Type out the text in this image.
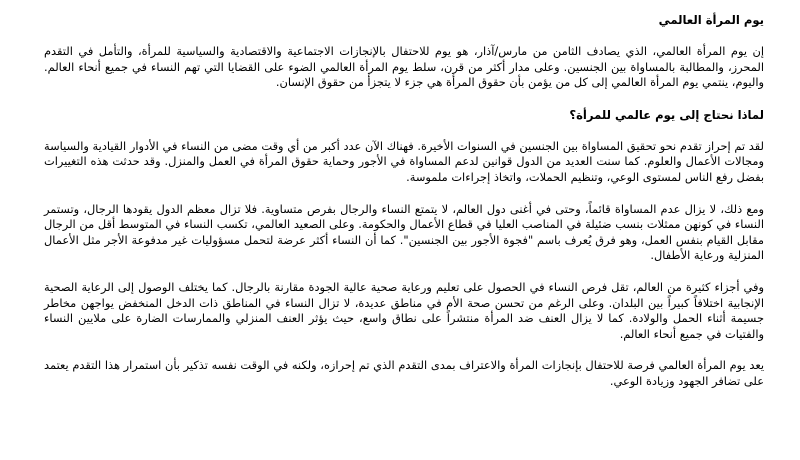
يوم المرأة العالمي

إن يوم المرأة العالمي، الذي يصادف الثامن من مارس/آذار، هو يوم للاحتفال بالإنجازات الاجتماعية والاقتصادية والسياسية للمرأة، والتأمل في التقدم المحرز، والمطالبة بالمساواة بين الجنسين. وعلى مدار أكثر من قرن، سلط يوم المرأة العالمي الضوء على القضايا التي تهم النساء في جميع أنحاء العالم. واليوم، ينتمي يوم المرأة العالمي إلى كل من يؤمن بأن حقوق المرأة هي جزء لا يتجزأ من حقوق الإنسان.

لماذا نحتاج إلى يوم عالمي للمرأة؟

لقد تم إحراز تقدم نحو تحقيق المساواة بين الجنسين في السنوات الأخيرة. فهناك الآن عدد أكبر من أي وقت مضى من النساء في الأدوار القيادية والسياسة ومجالات الأعمال والعلوم. كما سنت العديد من الدول قوانين لدعم المساواة في الأجور وحماية حقوق المرأة في العمل والمنزل. وقد حدثت هذه التغييرات بفضل رفع الناس لمستوى الوعي، وتنظيم الحملات، واتخاذ إجراءات ملموسة.

ومع ذلك، لا يزال عدم المساواة قائماً، وحتى في أغنى دول العالم، لا يتمتع النساء والرجال بفرص متساوية. فلا تزال معظم الدول يقودها الرجال، وتستمر النساء في كونهن ممثلات بنسب ضئيلة في المناصب العليا في قطاع الأعمال والحكومة. وعلى الصعيد العالمي، تكسب النساء في المتوسط أقل من الرجال مقابل القيام بنفس العمل، وهو فرق يُعرف باسم "فجوة الأجور بين الجنسين". كما أن النساء أكثر عرضة لتحمل مسؤوليات غير مدفوعة الأجر مثل الأعمال المنزلية ورعاية الأطفال.

وفي أجزاء كثيرة من العالم، تقل فرص النساء في الحصول على تعليم ورعاية صحية عالية الجودة مقارنة بالرجال. كما يختلف الوصول إلى الرعاية الصحية الإنجابية اختلافاً كبيراً بين البلدان. وعلى الرغم من تحسن صحة الأم في مناطق عديدة، لا تزال النساء في المناطق ذات الدخل المنخفض يواجهن مخاطر جسيمة أثناء الحمل والولادة. كما لا يزال العنف ضد المرأة منتشراً على نطاق واسع، حيث يؤثر العنف المنزلي والممارسات الضارة على ملايين النساء والفتيات في جميع أنحاء العالم.

يعد يوم المرأة العالمي فرصة للاحتفال بإنجازات المرأة والاعتراف بمدى التقدم الذي تم إحرازه، ولكنه في الوقت نفسه تذكير بأن استمرار هذا التقدم يعتمد على تضافر الجهود وزيادة الوعي.
